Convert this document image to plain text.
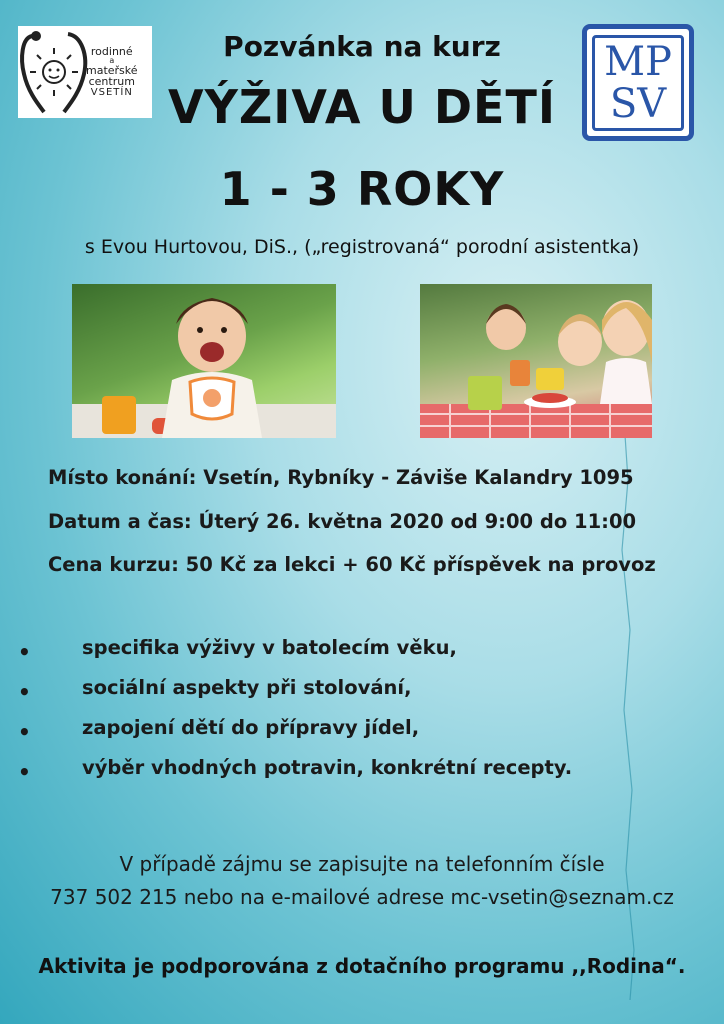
rodinné
a
mateřské
centrum
VSETÍN
MP
SV
Pozvánka na kurz
VÝŽIVA U DĚTÍ
1 - 3 ROKY
s Evou Hurtovou, DiS., („registrovaná“ porodní asistentka)
Místo konání: Vsetín, Rybníky - Záviše Kalandry 1095
Datum a čas: Úterý 26. května 2020 od 9:00 do 11:00
Cena kurzu: 50 Kč za lekci + 60 Kč příspěvek na provoz
•	specifika výživy v batolecím věku,
•	sociální aspekty při stolování,
•	zapojení dětí do přípravy jídel,
•	výběr vhodných potravin, konkrétní recepty.
V případě zájmu se zapisujte na telefonním čísle
737 502 215 nebo na e-mailové adrese mc-vsetin@seznam.cz
Aktivita je podporována z dotačního programu ,,Rodina“.
